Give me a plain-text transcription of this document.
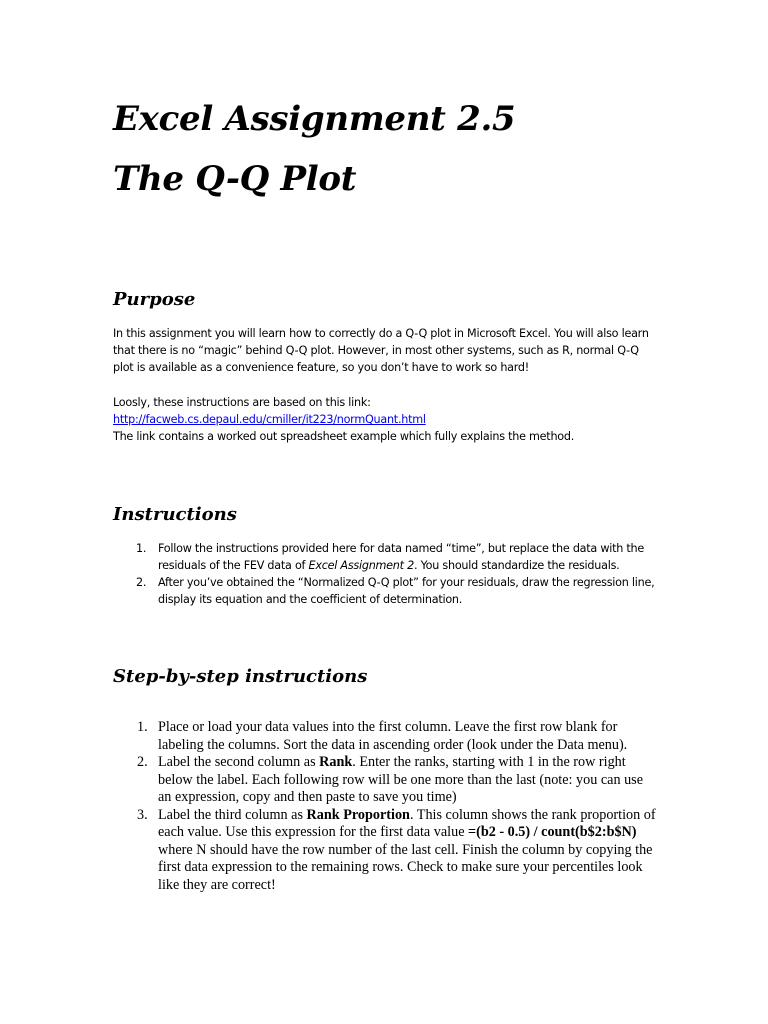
Excel Assignment 2.5
The Q-Q Plot
Purpose

In this assignment you will learn how to correctly do a Q-Q plot in Microsoft Excel. You will also learn that there is no “magic” behind Q-Q plot. However, in most other systems, such as R, normal Q-Q plot is available as a convenience feature, so you don’t have to work so hard!

Loosly, these instructions are based on this link:

http://facweb.cs.depaul.edu/cmiller/it223/normQuant.html

The link contains a worked out spreadsheet example which fully explains the method.

Instructions
1. Follow the instructions provided here for data named “time”, but replace the data with the residuals of the FEV data of Excel Assignment 2. You should standardize the residuals.
2. After you’ve obtained the “Normalized Q-Q plot” for your residuals, draw the regression line, display its equation and the coefficient of determination.
Step-by-step instructions
1. Place or load your data values into the first column. Leave the first row blank for labeling the columns. Sort the data in ascending order (look under the Data menu).
2. Label the second column as Rank. Enter the ranks, starting with 1 in the row right below the label. Each following row will be one more than the last (note: you can use an expression, copy and then paste to save you time)
3. Label the third column as Rank Proportion. This column shows the rank proportion of each value. Use this expression for the first data value =(b2 - 0.5) / count(b$2:b$N) where N should have the row number of the last cell. Finish the column by copying the first data expression to the remaining rows. Check to make sure your percentiles look like they are correct!
